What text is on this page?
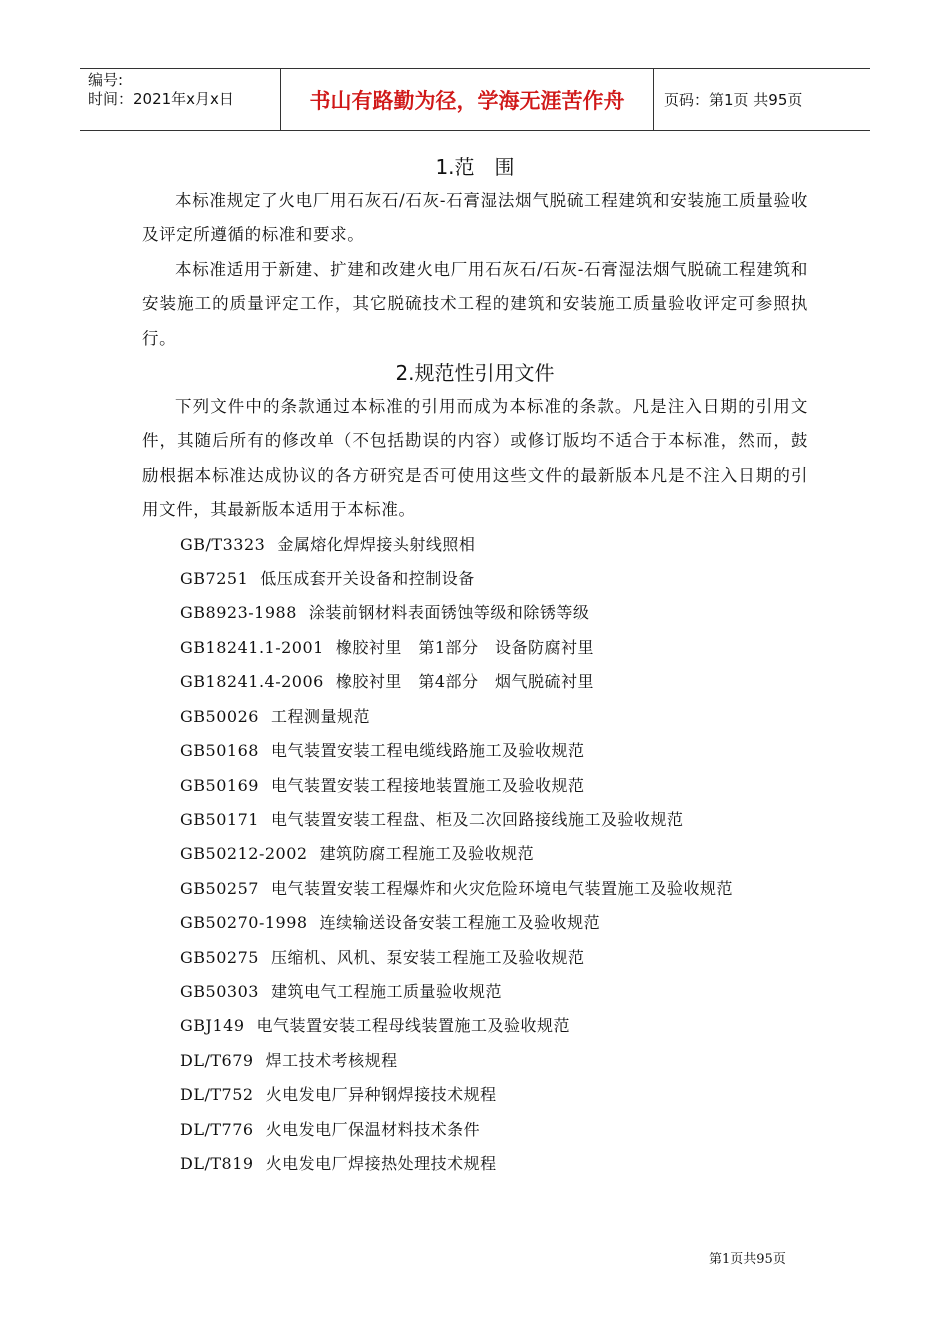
编号:
时间：2021年x月x日	书山有路勤为径，学海无涯苦作舟	页码：第1页 共95页
1.范　围

本标准规定了火电厂用石灰石/石灰-石膏湿法烟气脱硫工程建筑和安装施工质量验收及评定所遵循的标准和要求。

本标准适用于新建、扩建和改建火电厂用石灰石/石灰-石膏湿法烟气脱硫工程建筑和安装施工的质量评定工作，其它脱硫技术工程的建筑和安装施工质量验收评定可参照执行。

2.规范性引用文件

下列文件中的条款通过本标准的引用而成为本标准的条款。凡是注入日期的引用文件，其随后所有的修改单（不包括勘误的内容）或修订版均不适合于本标准，然而，鼓励根据本标准达成协议的各方研究是否可使用这些文件的最新版本凡是不注入日期的引用文件，其最新版本适用于本标准。

GB/T3323 金属熔化焊焊接头射线照相
GB7251 低压成套开关设备和控制设备
GB8923-1988 涂装前钢材料表面锈蚀等级和除锈等级
GB18241.1-2001 橡胶衬里　第1部分　设备防腐衬里
GB18241.4-2006 橡胶衬里　第4部分　烟气脱硫衬里
GB50026 工程测量规范
GB50168 电气装置安装工程电缆线路施工及验收规范
GB50169 电气装置安装工程接地装置施工及验收规范
GB50171 电气装置安装工程盘、柜及二次回路接线施工及验收规范
GB50212-2002 建筑防腐工程施工及验收规范
GB50257 电气装置安装工程爆炸和火灾危险环境电气装置施工及验收规范
GB50270-1998 连续输送设备安装工程施工及验收规范
GB50275 压缩机、风机、泵安装工程施工及验收规范
GB50303 建筑电气工程施工质量验收规范
GBJ149 电气装置安装工程母线装置施工及验收规范
DL/T679 焊工技术考核规程
DL/T752 火电发电厂异种钢焊接技术规程
DL/T776 火电发电厂保温材料技术条件
DL/T819 火电发电厂焊接热处理技术规程
第1页共95页
